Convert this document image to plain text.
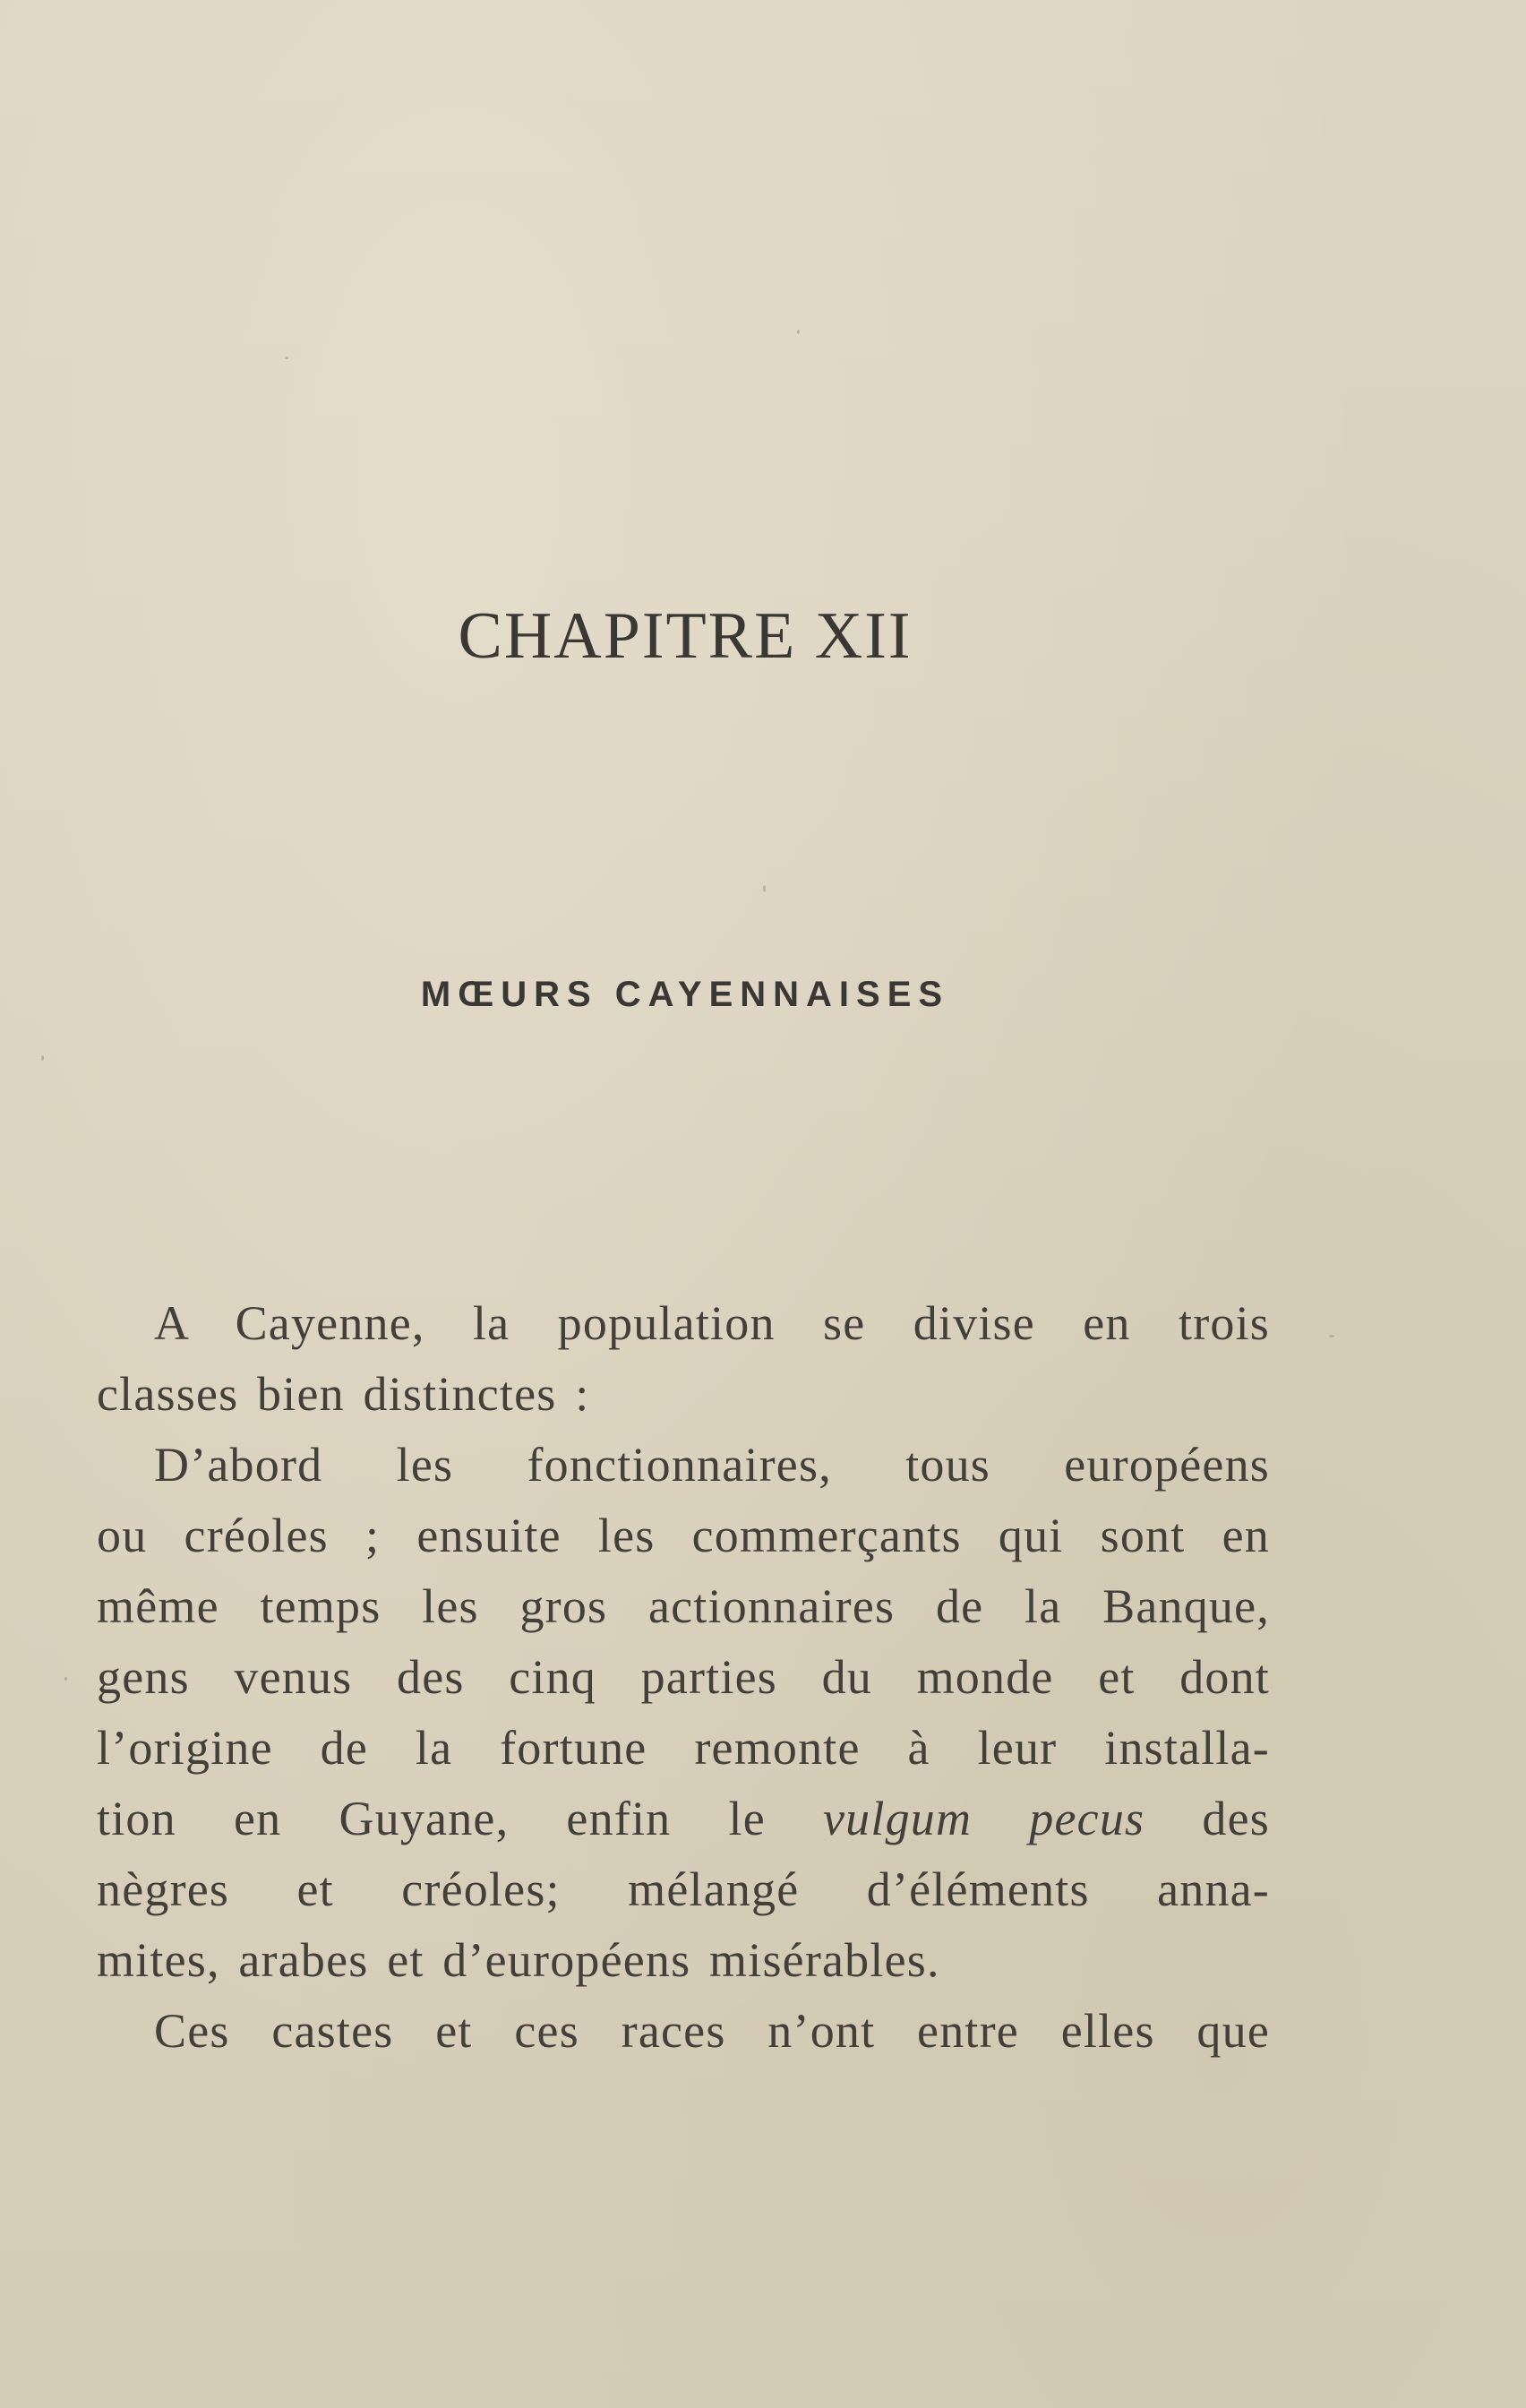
CHAPITRE XII
MŒURS CAYENNAISES
A Cayenne, la population se divise en trois
classes bien distinctes :
D’abord les fonctionnaires, tous européens
ou créoles ; ensuite les commerçants qui sont en
même temps les gros actionnaires de la Banque,
gens venus des cinq parties du monde et dont
l’origine de la fortune remonte à leur installa-
tion en Guyane, enfin le vulgum pecus des
nègres et créoles; mélangé d’éléments anna-
mites, arabes et d’européens misérables.
Ces castes et ces races n’ont entre elles que
